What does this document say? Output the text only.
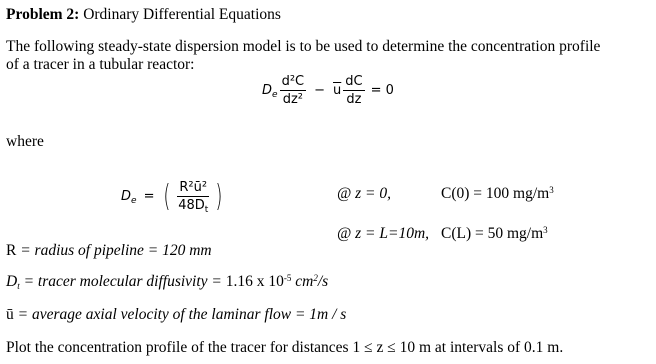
Problem 2: Ordinary Differential Equations
The following steady-state dispersion model is to be used to determine the concentration profile
of a tracer in a tubular reactor:
$D_e \frac{\text{d²C}}{\text{dz²}} - \overline{u} \frac{dC}{dz} = 0$
where
$D_e$ = ( $\frac{\text{R²ū²}}{48D_t}$ )	@ z = 0,	C(0) = 100 $mg/m^3$
@ z = L=10m, C(L) = 50 $mg/m^3$
R = radius of pipeline = 120 mm
$D_t$ = tracer molecular diffusivity = 1.16 x $10^{-5}$ $cm^2/s$
ū = average axial velocity of the laminar flow = 1m / s
Plot the concentration profile of the tracer for distances 1 ≤ z ≤ 10 m at intervals of 0.1 m.
